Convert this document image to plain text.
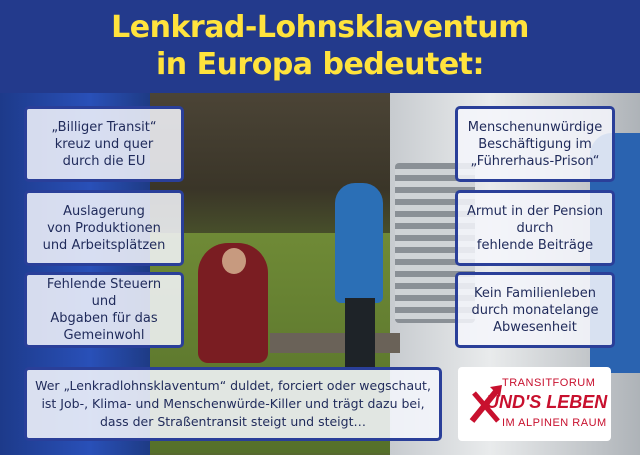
Lenkrad-Lohnsklaventum
in Europa bedeutet:
„Billiger Transit“
kreuz und quer
durch die EU
Auslagerung
von Produktionen
und Arbeitsplätzen
Fehlende Steuern und
Abgaben für das
Gemeinwohl
Menschenunwürdige
Beschäftigung im
„Führerhaus-Prison“
Armut in der Pension
durch
fehlende Beiträge
Kein Familienleben
durch monatelange
Abwesenheit
Wer „Lenkradlohnsklaventum“ duldet, forciert oder wegschaut, ist Job-, Klima- und Menschenwürde-Killer und trägt dazu bei, dass der Straßentransit steigt und steigt…
TRANSITFORUM
UND'S LEBEN
IM ALPINEN RAUM
